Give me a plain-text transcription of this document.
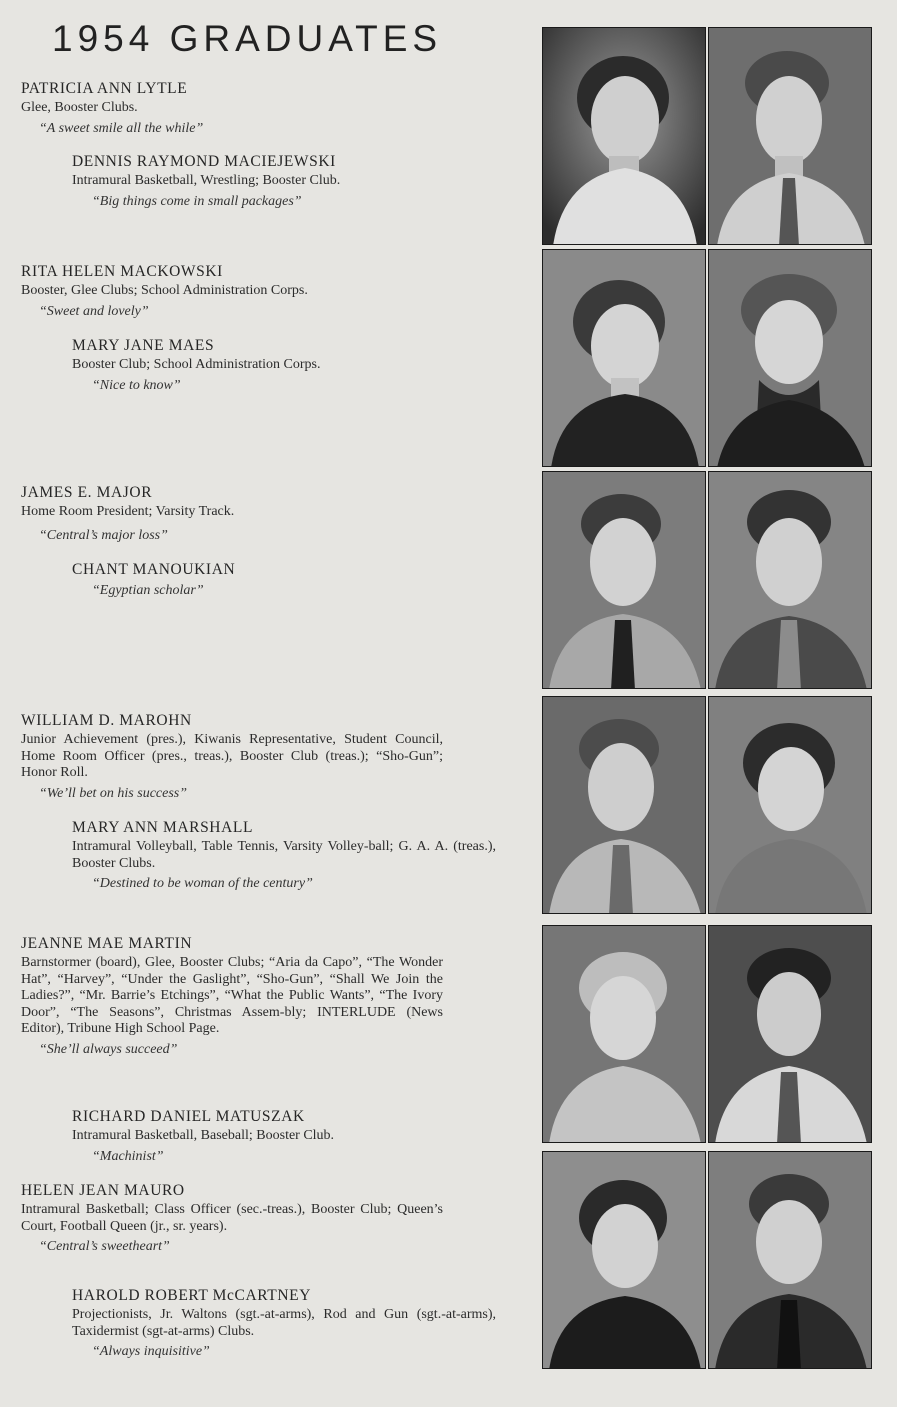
1954 GRADUATES
PATRICIA ANN LYTLE
Glee, Booster Clubs.
“A sweet smile all the while”
DENNIS RAYMOND MACIEJEWSKI
Intramural Basketball, Wrestling; Booster Club.
“Big things come in small packages”
RITA HELEN MACKOWSKI
Booster, Glee Clubs; School Administration Corps.
“Sweet and lovely”
MARY JANE MAES
Booster Club; School Administration Corps.
“Nice to know”
JAMES E. MAJOR
Home Room President; Varsity Track.
“Central’s major loss”
CHANT MANOUKIAN
“Egyptian scholar”
WILLIAM D. MAROHN
Junior Achievement (pres.), Kiwanis Representative, Student Council, Home Room Officer (pres., treas.), Booster Club (treas.); “Sho-Gun”; Honor Roll.
“We’ll bet on his success”
MARY ANN MARSHALL
Intramural Volleyball, Table Tennis, Varsity Volley-ball; G. A. A. (treas.), Booster Clubs.
“Destined to be woman of the century”
JEANNE MAE MARTIN
Barnstormer (board), Glee, Booster Clubs; “Aria da Capo”, “The Wonder Hat”, “Harvey”, “Under the Gaslight”, “Sho-Gun”, “Shall We Join the Ladies?”, “Mr. Barrie’s Etchings”, “What the Public Wants”, “The Ivory Door”, “The Seasons”, Christmas Assem-bly; INTERLUDE (News Editor), Tribune High School Page.
“She’ll always succeed”
RICHARD DANIEL MATUSZAK
Intramural Basketball, Baseball; Booster Club.
“Machinist”
HELEN JEAN MAURO
Intramural Basketball; Class Officer (sec.-treas.), Booster Club; Queen’s Court, Football Queen (jr., sr. years).
“Central’s sweetheart”
HAROLD ROBERT McCARTNEY
Projectionists, Jr. Waltons (sgt.-at-arms), Rod and Gun (sgt.-at-arms), Taxidermist (sgt-at-arms) Clubs.
“Always inquisitive”
